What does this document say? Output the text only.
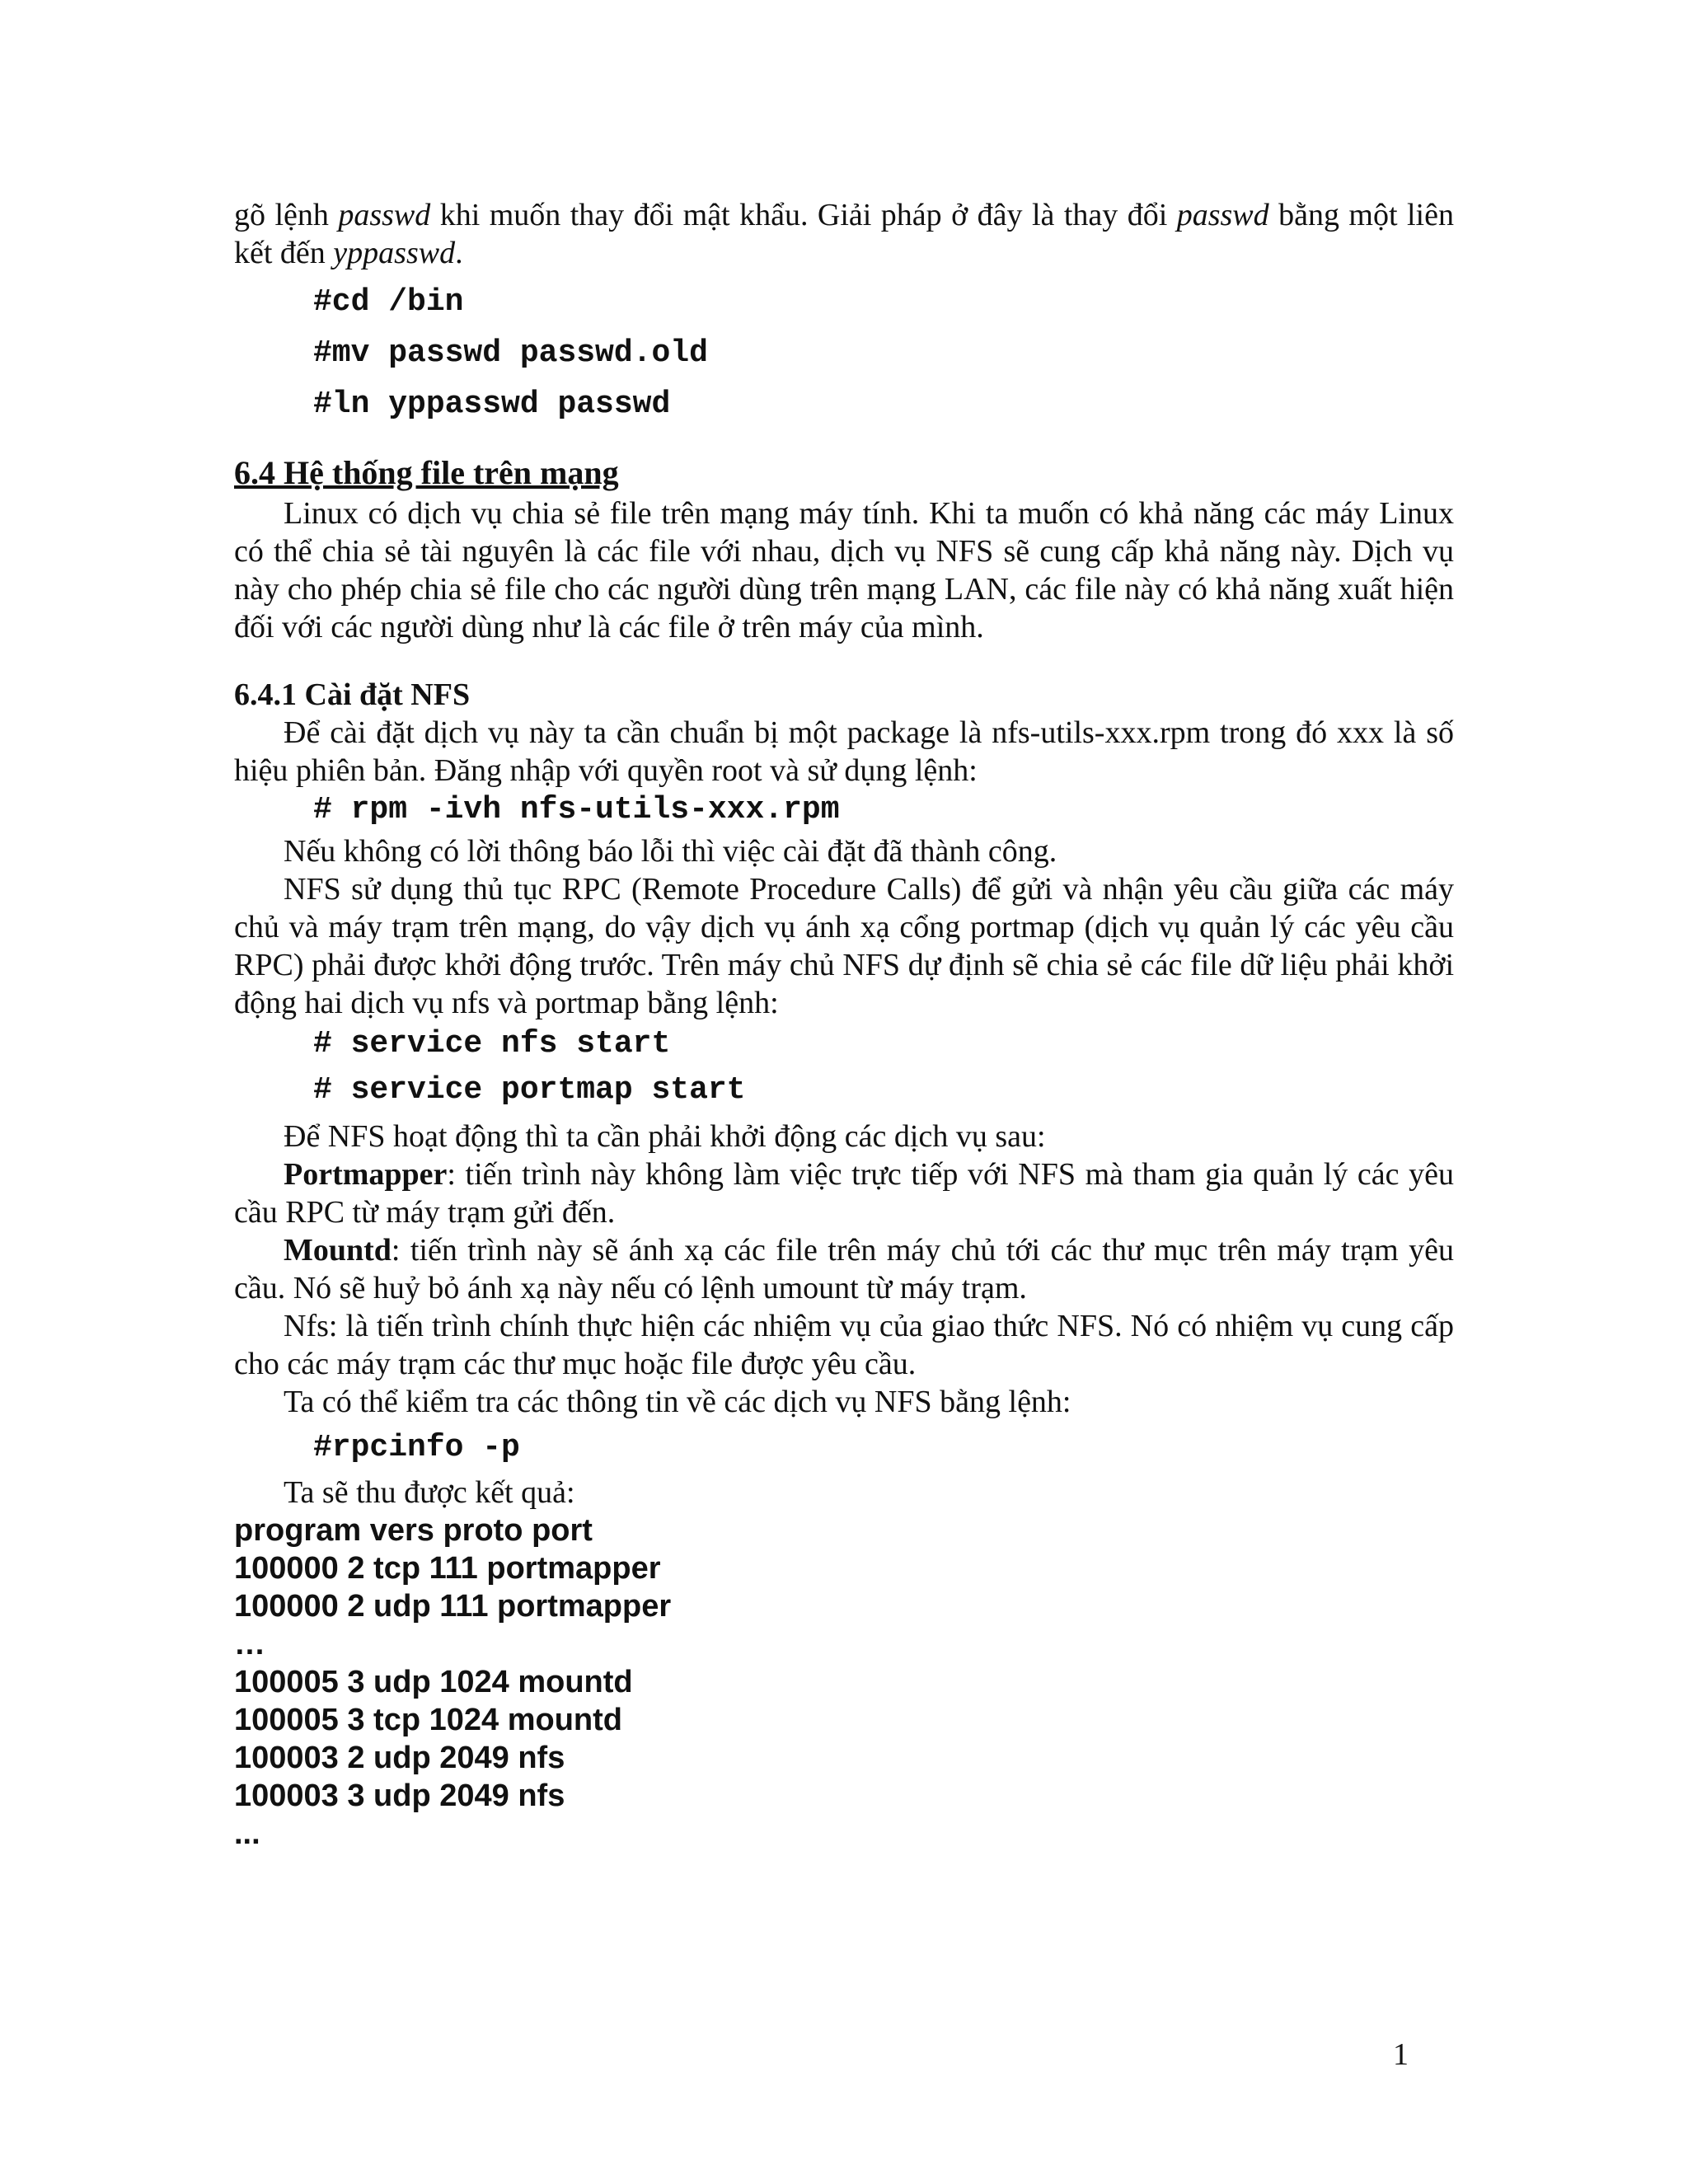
gõ lệnh passwd khi muốn thay đổi mật khẩu. Giải pháp ở đây là thay đổi passwd bằng một liên kết đến yppasswd.

#cd /bin

#mv passwd passwd.old

#ln yppasswd passwd

6.4 Hệ thống file trên mạng

Linux có dịch vụ chia sẻ file trên mạng máy tính. Khi ta muốn có khả năng các máy Linux có thể chia sẻ tài nguyên là các file với nhau, dịch vụ NFS sẽ cung cấp khả năng này. Dịch vụ này cho phép chia sẻ file cho các người dùng trên mạng LAN, các file này có khả năng xuất hiện đối với các người dùng như là các file ở trên máy của mình.

6.4.1 Cài đặt NFS

Để cài đặt dịch vụ này ta cần chuẩn bị một package là nfs-utils-xxx.rpm trong đó xxx là số hiệu phiên bản. Đăng nhập với quyền root và sử dụng lệnh:

# rpm -ivh nfs-utils-xxx.rpm

Nếu không có lời thông báo lỗi thì việc cài đặt đã thành công.

NFS sử dụng thủ tục RPC (Remote Procedure Calls) để gửi và nhận yêu cầu giữa các máy chủ và máy trạm trên mạng, do vậy dịch vụ ánh xạ cổng portmap (dịch vụ quản lý các yêu cầu RPC) phải được khởi động trước. Trên máy chủ NFS dự định sẽ chia sẻ các file dữ liệu phải khởi động hai dịch vụ nfs và portmap bằng lệnh:

# service nfs start

# service portmap start

Để NFS hoạt động thì ta cần phải khởi động các dịch vụ sau:

Portmapper: tiến trình này không làm việc trực tiếp với NFS mà tham gia quản lý các yêu cầu RPC từ máy trạm gửi đến.

Mountd: tiến trình này sẽ ánh xạ các file trên máy chủ tới các thư mục trên máy trạm yêu cầu. Nó sẽ huỷ bỏ ánh xạ này nếu có lệnh umount từ máy trạm.

Nfs: là tiến trình chính thực hiện các nhiệm vụ của giao thức NFS. Nó có nhiệm vụ cung cấp cho các máy trạm các thư mục hoặc file được yêu cầu.

Ta có thể kiểm tra các thông tin về các dịch vụ NFS bằng lệnh:

#rpcinfo -p

Ta sẽ thu được kết quả:

program vers proto port

100000 2 tcp 111 portmapper

100000 2 udp 111 portmapper

…

100005 3 udp 1024 mountd

100005 3 tcp 1024 mountd

100003 2 udp 2049 nfs

100003 3 udp 2049 nfs

...

1
